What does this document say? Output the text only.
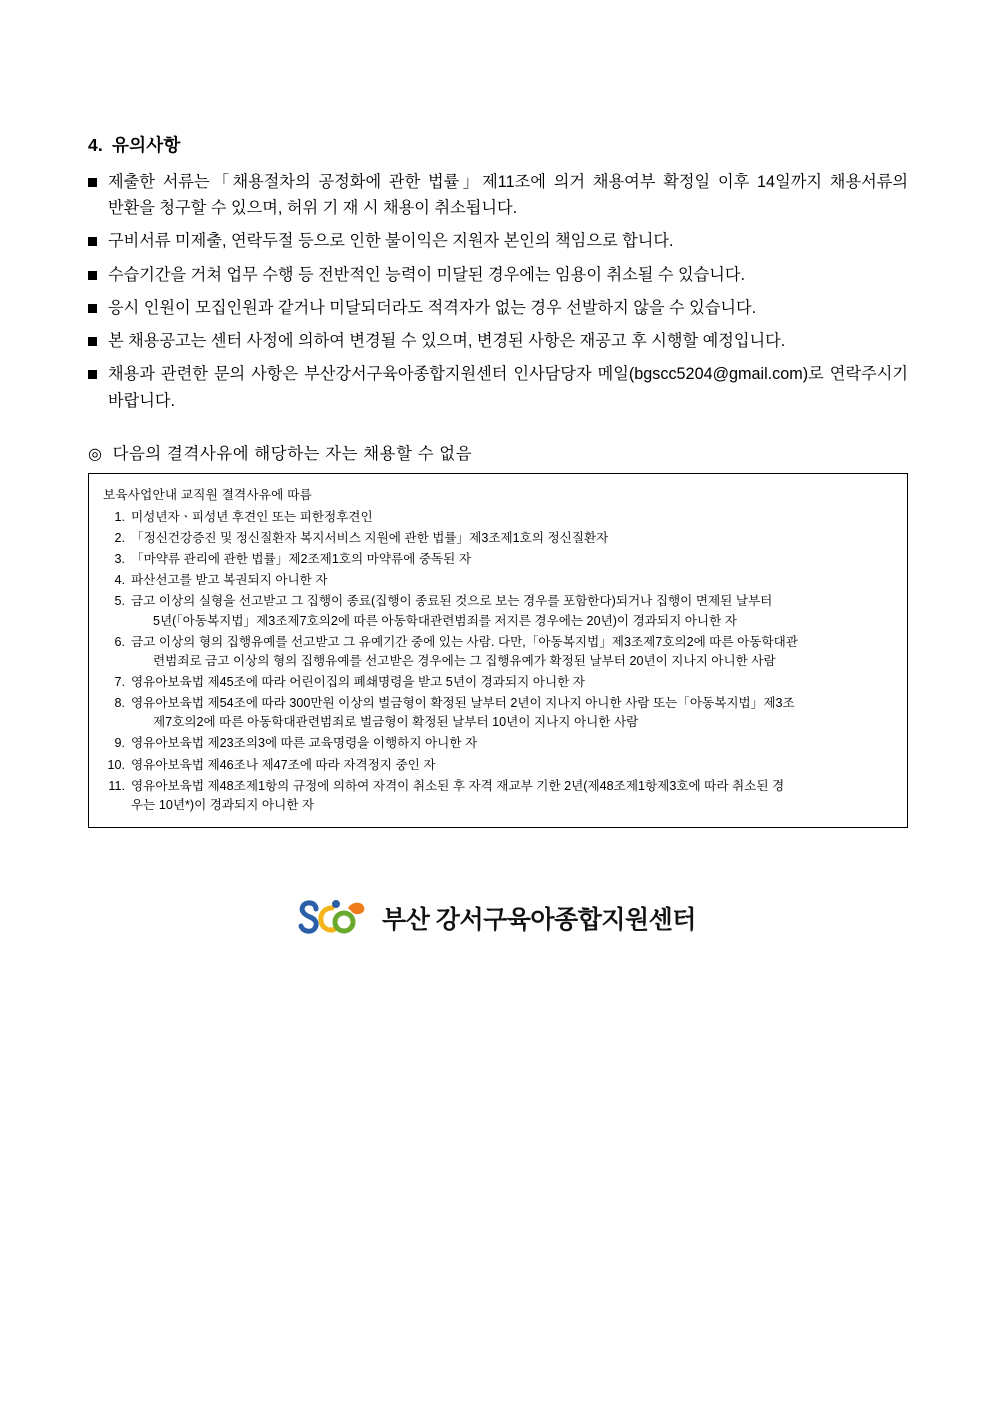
4. 유의사항
제출한 서류는「채용절차의 공정화에 관한 법률」제11조에 의거 채용여부 확정일 이후 14일까지 채용서류의 반환을 청구할 수 있으며, 허위 기 재 시 채용이 취소됩니다.
구비서류 미제출, 연락두절 등으로 인한 불이익은 지원자 본인의 책임으로 합니다.
수습기간을 거쳐 업무 수행 등 전반적인 능력이 미달된 경우에는 임용이 취소될 수 있습니다.
응시 인원이 모집인원과 같거나 미달되더라도 적격자가 없는 경우 선발하지 않을 수 있습니다.
본 채용공고는 센터 사정에 의하여 변경될 수 있으며, 변경된 사항은 재공고 후 시행할 예정입니다.
채용과 관련한 문의 사항은 부산강서구육아종합지원센터 인사담당자 메일(bgscc5204@gmail.com)로 연락주시기 바랍니다.
◎ 다음의 결격사유에 해당하는 자는 채용할 수 없음
보육사업안내 교직원 결격사유에 따름
1. 미성년자ㆍ피성년 후견인 또는 피한정후견인
2. 「정신건강증진 및 정신질환자 복지서비스 지원에 관한 법률」제3조제1호의 정신질환자
3. 「마약류 관리에 관한 법률」제2조제1호의 마약류에 중독된 자
4. 파산선고를 받고 복권되지 아니한 자
5. 금고 이상의 실형을 선고받고 그 집행이 종료(집행이 종료된 것으로 보는 경우를 포함한다)되거나 집행이 면제된 날부터
5년(「아동복지법」제3조제7호의2에 따른 아동학대관련범죄를 저지른 경우에는 20년)이 경과되지 아니한 자
6. 금고 이상의 형의 집행유예를 선고받고 그 유예기간 중에 있는 사람. 다만,「아동복지법」제3조제7호의2에 따른 아동학대관
련범죄로 금고 이상의 형의 집행유예를 선고받은 경우에는 그 집행유예가 확정된 날부터 20년이 지나지 아니한 사람
7. 영유아보육법 제45조에 따라 어린이집의 폐쇄명령을 받고 5년이 경과되지 아니한 자
8. 영유아보육법 제54조에 따라 300만원 이상의 벌금형이 확정된 날부터 2년이 지나지 아니한 사람 또는「아동복지법」제3조
제7호의2에 따른 아동학대관련범죄로 벌금형이 확정된 날부터 10년이 지나지 아니한 사람
9. 영유아보육법 제23조의3에 따른 교육명령을 이행하지 아니한 자
10. 영유아보육법 제46조나 제47조에 따라 자격정지 중인 자
11. 영유아보육법 제48조제1항의 규정에 의하여 자격이 취소된 후 자격 재교부 기한 2년(제48조제1항제3호에 따라 취소된 경
우는 10년*)이 경과되지 아니한 자
부산 강서구육아종합지원센터
